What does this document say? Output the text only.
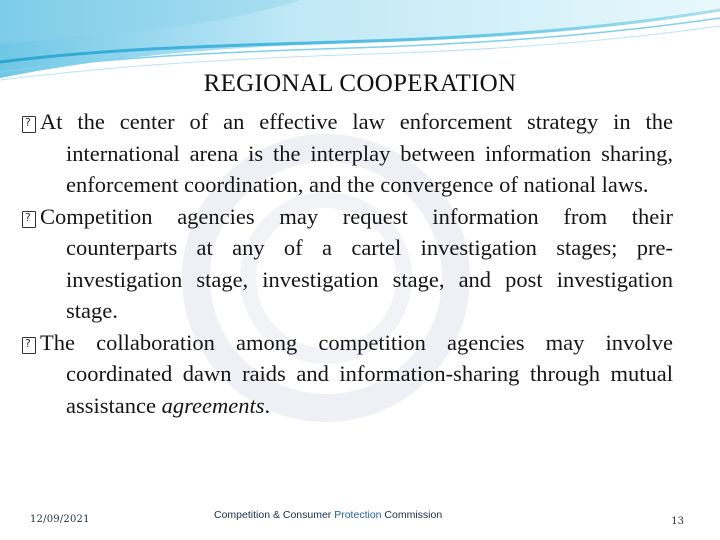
REGIONAL COOPERATION
?
At the center of an effective law enforcement strategy in the international arena is the interplay between information sharing, enforcement coordination, and the convergence of national laws.
?
Competition agencies may request information from their counterparts at any of a cartel investigation stages; pre-investigation stage, investigation stage, and post investigation stage.
?
The collaboration among competition agencies may involve coordinated dawn raids and information-sharing through mutual assistance agreements.
12/09/2021	Competition & Consumer Protection Commission
13
